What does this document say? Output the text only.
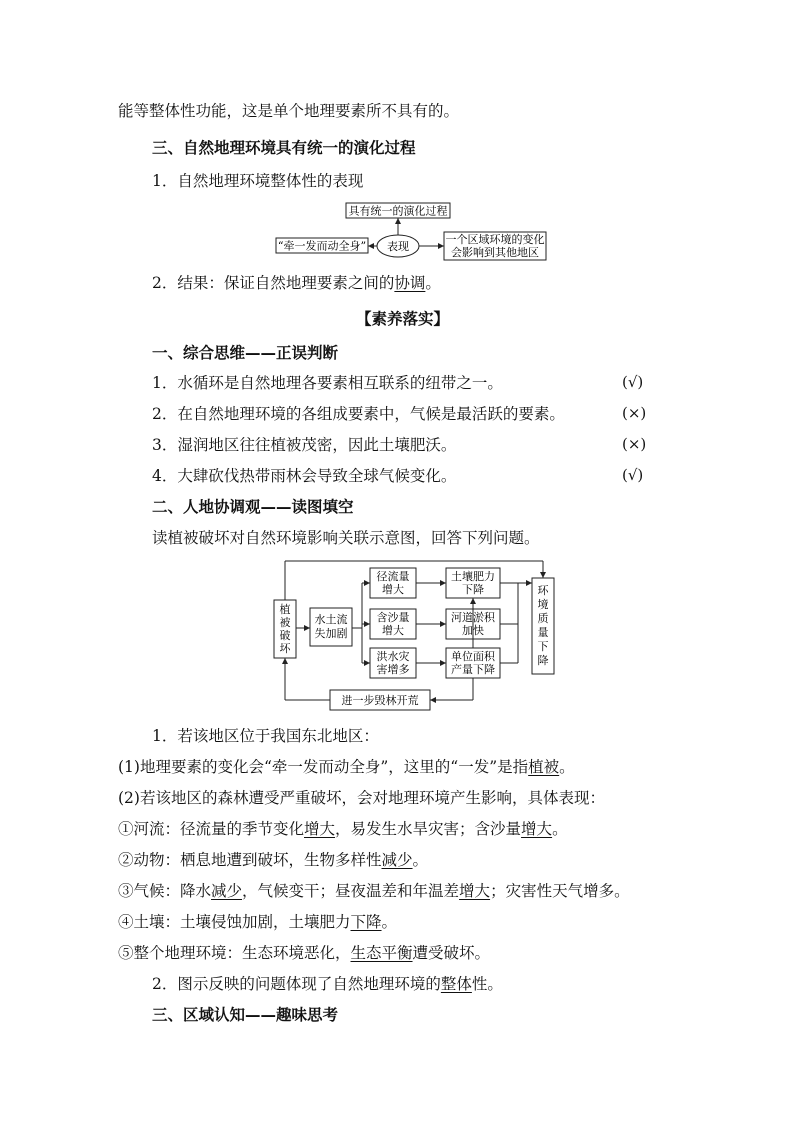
能等整体性功能，这是单个地理要素所不具有的。
三、自然地理环境具有统一的演化过程
1．自然地理环境整体性的表现
具有统一的演化过程
表现
“牵一发而动全身”	一个区域环境的变化
会影响到其他地区
2．结果：保证自然地理要素之间的协调。
【素养落实】
一、综合思维——正误判断
1．水循环是自然地理各要素相互联系的纽带之一。	(√)
2．在自然地理环境的各组成要素中，气候是最活跃的要素。	(×)
3．湿润地区往往植被茂密，因此土壤肥沃。	(×)
4．大肆砍伐热带雨林会导致全球气候变化。	(√)
二、人地协调观——读图填空
读植被破坏对自然环境影响关联示意图，回答下列问题。
植
被
破
坏
水土流
失加剧
径流量
增大
含沙量
增大
洪水灾
害增多
土壤肥力
下降
河道淤积
加快
单位面积
产量下降
环
境
质
量
下
降
进一步毁林开荒
1．若该地区位于我国东北地区：
(1)地理要素的变化会“牵一发而动全身”，这里的“一发”是指植被。
(2)若该地区的森林遭受严重破坏，会对地理环境产生影响，具体表现：
①河流：径流量的季节变化增大，易发生水旱灾害；含沙量增大。
②动物：栖息地遭到破坏，生物多样性减少。
③气候：降水减少，气候变干；昼夜温差和年温差增大；灾害性天气增多。
④土壤：土壤侵蚀加剧，土壤肥力下降。
⑤整个地理环境：生态环境恶化，生态平衡遭受破坏。
2．图示反映的问题体现了自然地理环境的整体性。
三、区域认知——趣味思考
